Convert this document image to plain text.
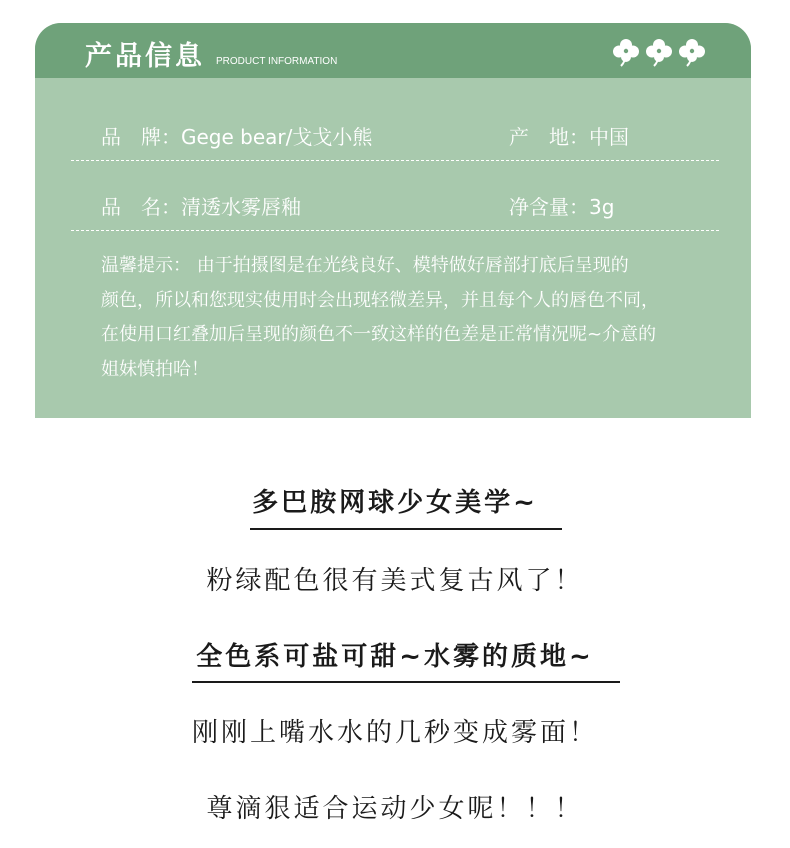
产品信息 PRODUCT INFORMATION
品　牌：Gege bear/戈戈小熊	产　地：中国
品　名：清透水雾唇釉	净含量：3g
温馨提示： 由于拍摄图是在光线良好、模特做好唇部打底后呈现的
颜色，所以和您现实使用时会出现轻微差异，并且每个人的唇色不同，
在使用口红叠加后呈现的颜色不一致这样的色差是正常情况呢~介意的
姐妹慎拍哈！
多巴胺网球少女美学~
粉绿配色很有美式复古风了！
全色系可盐可甜~水雾的质地~
刚刚上嘴水水的几秒变成雾面！
尊滴狠适合运动少女呢！！！
